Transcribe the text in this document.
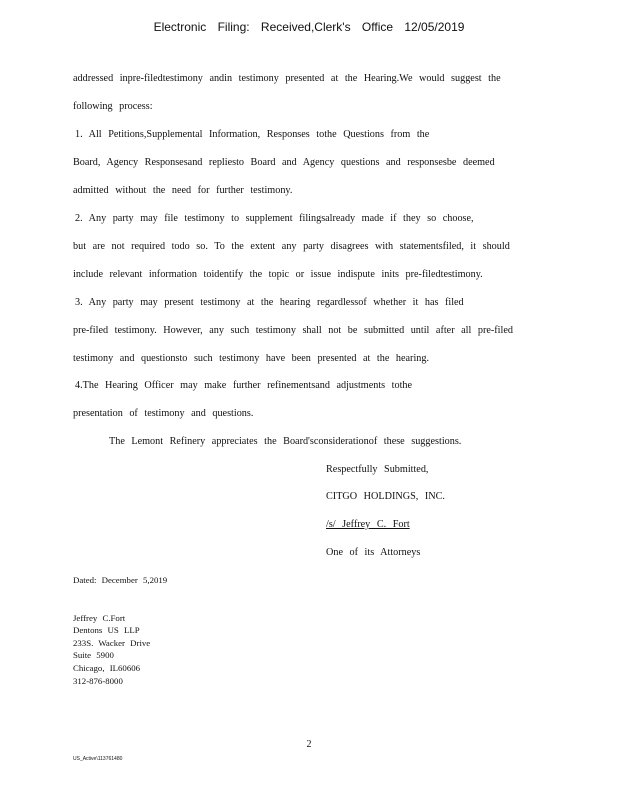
Electronic Filing: Received,Clerk's Office 12/05/2019
addressed inpre-filedtestimony andin testimony presented at the Hearing.We would suggest the
following process:
1. All Petitions,Supplemental Information, Responses tothe Questions from the
Board, Agency Responsesand repliesto Board and Agency questions and responsesbe deemed
admitted without the need for further testimony.
2. Any party may file testimony to supplement filingsalready made if they so choose,
but are not required todo so. To the extent any party disagrees with statementsfiled, it should
include relevant information toidentify the topic or issue indispute inits pre-filedtestimony.
3. Any party may present testimony at the hearing regardlessof whether it has filed
pre-filed testimony. However, any such testimony shall not be submitted until after all pre-filed
testimony and questionsto such testimony have been presented at the hearing.
4.The Hearing Officer may make further refinementsand adjustments tothe
presentation of testimony and questions.
The Lemont Refinery appreciates the Board'sconsiderationof these suggestions.
Respectfully Submitted,
CITGO HOLDINGS, INC.
/s/ Jeffrey C. Fort
One of its Attorneys
Dated: December 5,2019
Jeffrey C.Fort
Dentons US LLP
233S. Wacker Drive
Suite 5900
Chicago, IL60606
312-876-8000
2
US_Active\113761480
